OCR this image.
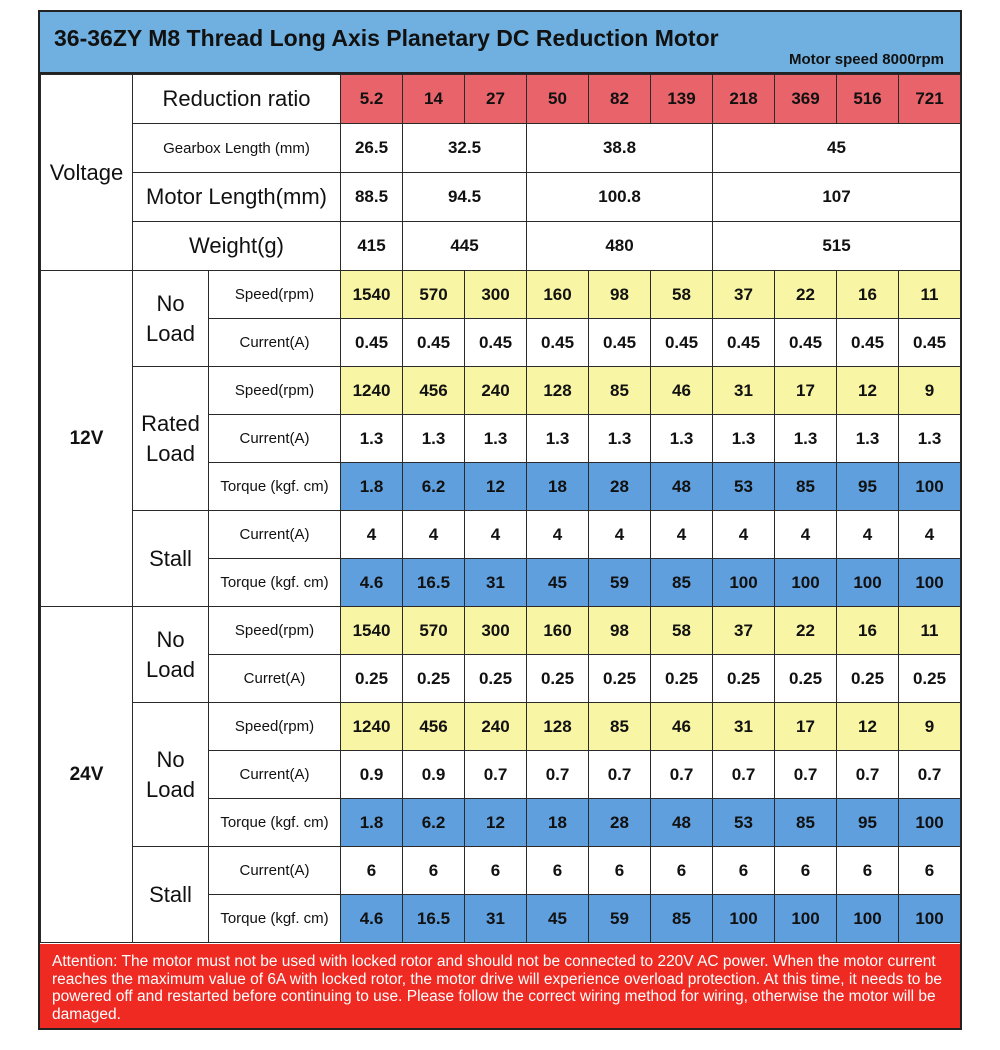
36-36ZY M8 Thread Long Axis Planetary DC Reduction Motor
Motor speed 8000rpm
Voltage	Reduction ratio		5.2	14	27	50	82	139	218	369	516	721
	Gearbox Length (mm)		26.5	32.5		38.8			45			
	Motor Length(mm)		88.5	94.5		100.8			107			
	Weight(g)		415	445		480			515			
12V	No Load	Speed(rpm)	1540	570	300	160	98	58	37	22	16	11
		Current(A)	0.45	0.45	0.45	0.45	0.45	0.45	0.45	0.45	0.45	0.45
	Rated Load	Speed(rpm)	1240	456	240	128	85	46	31	17	12	9
		Current(A)	1.3	1.3	1.3	1.3	1.3	1.3	1.3	1.3	1.3	1.3
		Torque (kgf. cm)	1.8	6.2	12	18	28	48	53	85	95	100
	Stall	Current(A)	4	4	4	4	4	4	4	4	4	4
		Torque (kgf. cm)	4.6	16.5	31	45	59	85	100	100	100	100
24V	No Load	Speed(rpm)	1540	570	300	160	98	58	37	22	16	11
		Curret(A)	0.25	0.25	0.25	0.25	0.25	0.25	0.25	0.25	0.25	0.25
	No Load	Speed(rpm)	1240	456	240	128	85	46	31	17	12	9
		Current(A)	0.9	0.9	0.7	0.7	0.7	0.7	0.7	0.7	0.7	0.7
		Torque (kgf. cm)	1.8	6.2	12	18	28	48	53	85	95	100
	Stall	Current(A)	6	6	6	6	6	6	6	6	6	6
		Torque (kgf. cm)	4.6	16.5	31	45	59	85	100	100	100	100
Attention: The motor must not be used with locked rotor and should not be connected to 220V AC power. When the motor current reaches the maximum value of 6A with locked rotor, the motor drive will experience overload protection. At this time, it needs to be powered off and restarted before continuing to use. Please follow the correct wiring method for wiring, otherwise the motor will be damaged.
